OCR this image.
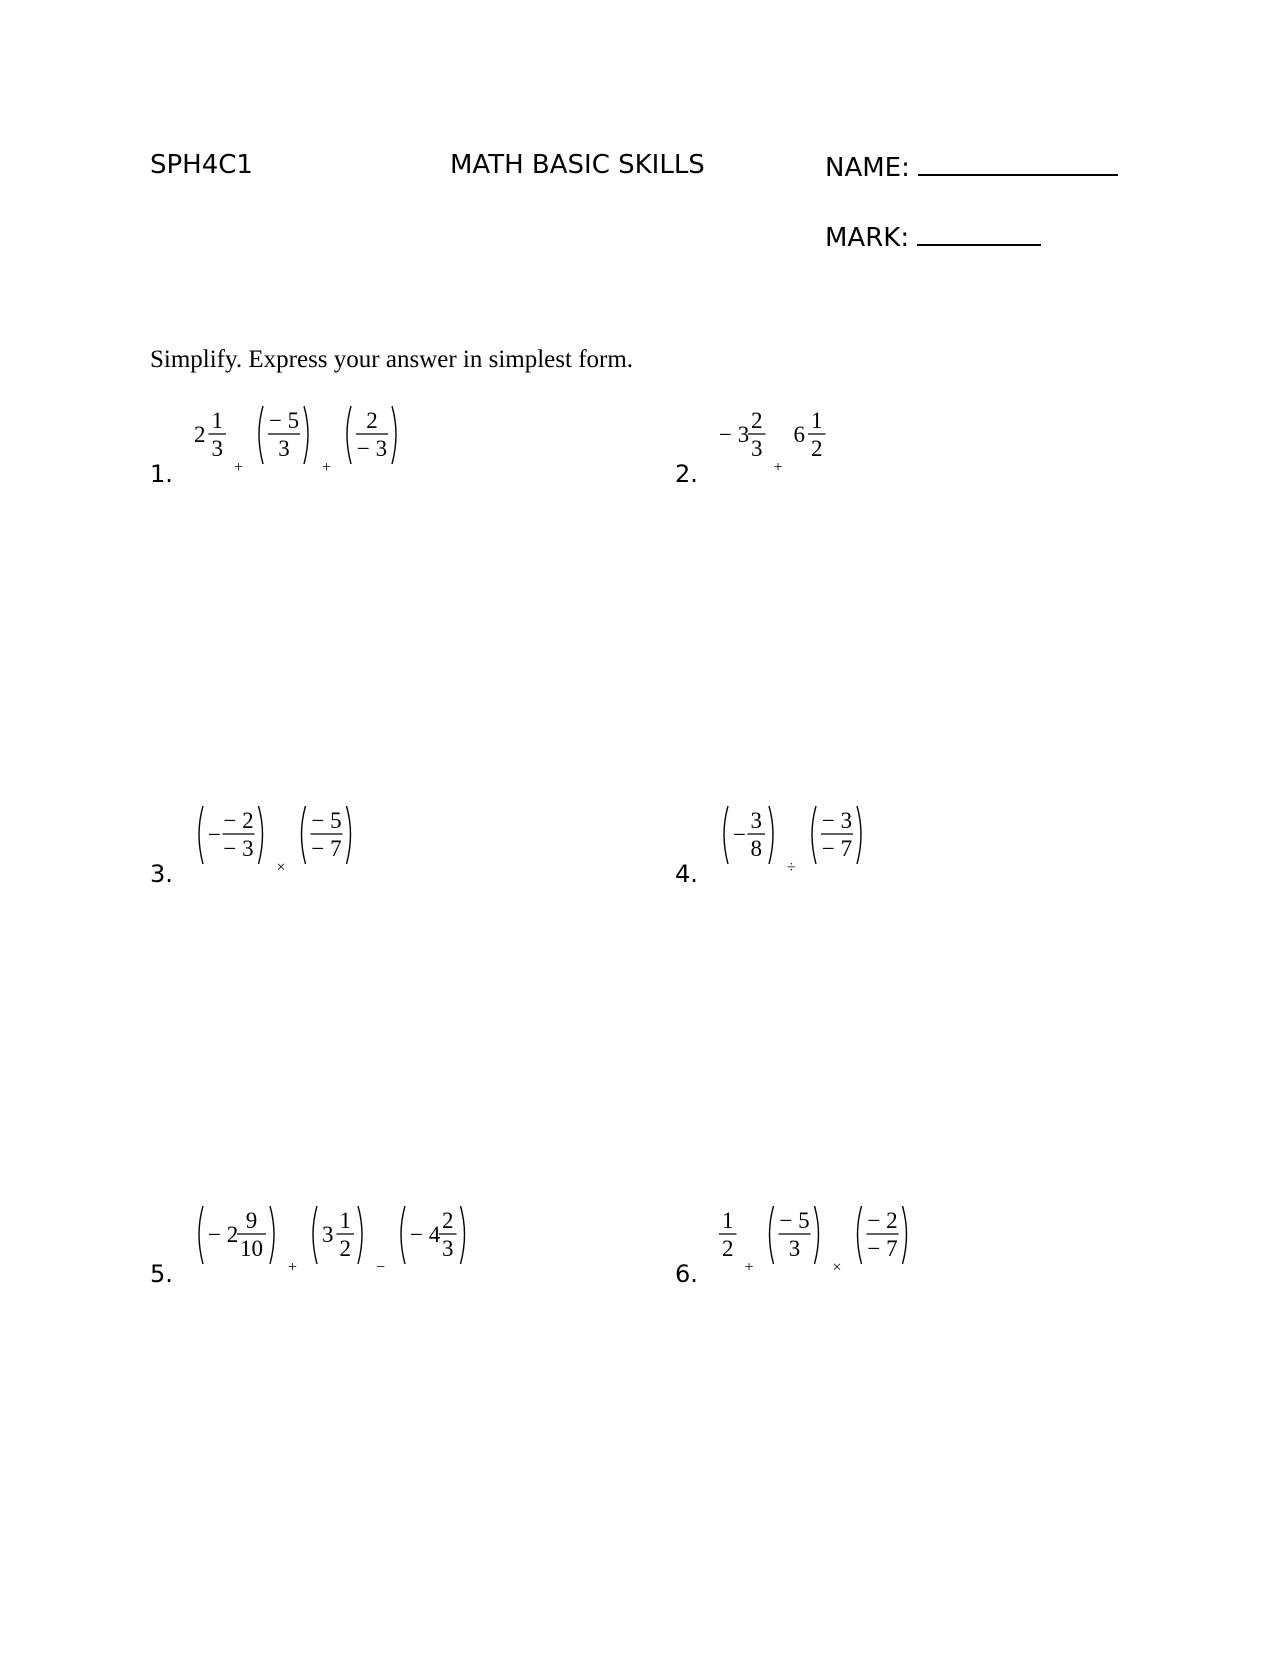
SPH4C1	MATH BASIC SKILLS	NAME:
MARK:
Simplify. Express your answer in simplest form.
1.
2
1
3
+
− 5
3
+
2
− 3
2.
− 3
2
3
+
6
1
2
3.
−
− 2
− 3
×
− 5
− 7
4.
−
3
8
÷
− 3
− 7
5.
− 2
9
10
+
3
1
2
−
− 4
2
3
6.
1
2
+
− 5
3
×
− 2
− 7
